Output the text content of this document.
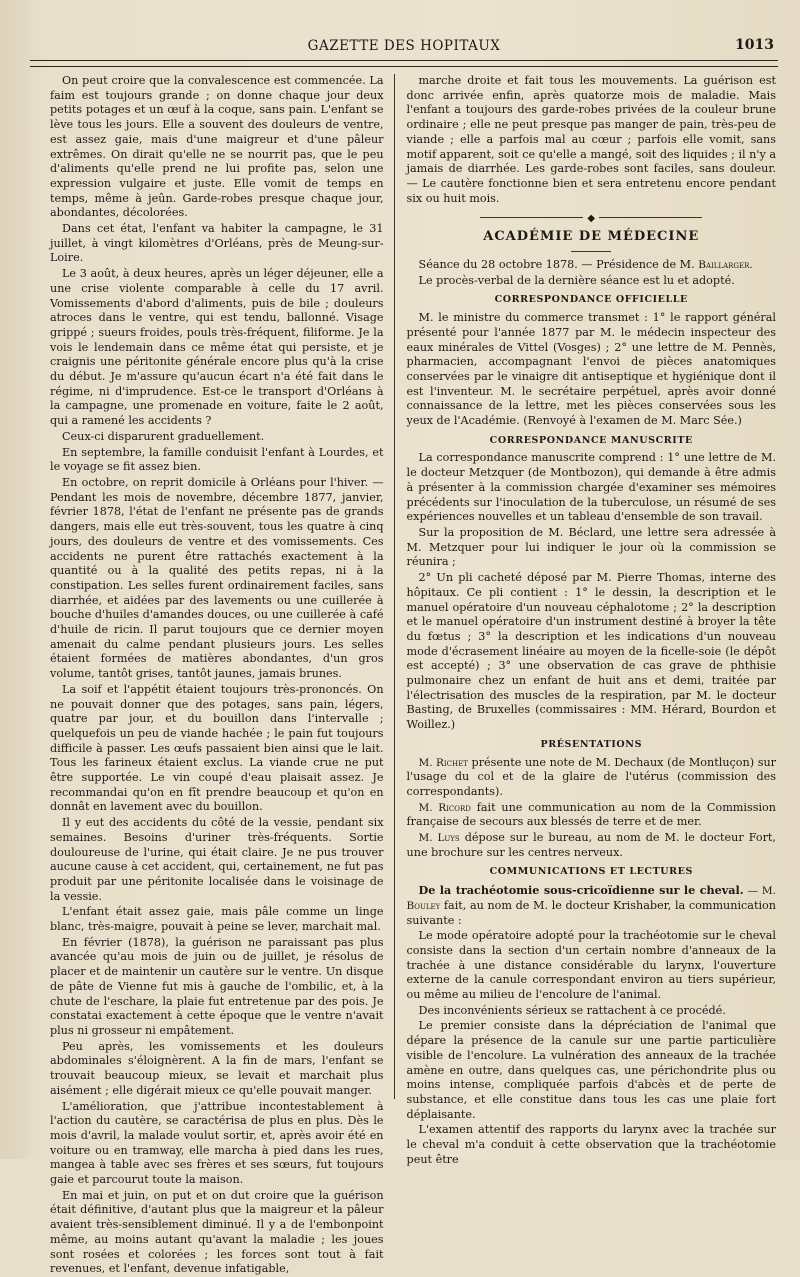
GAZETTE DES HOPITAUX	1013

On peut croire que la convalescence est commencée. La faim est toujours grande ; on donne chaque jour deux petits potages et un œuf à la coque, sans pain. L'enfant se lève tous les jours. Elle a souvent des douleurs de ventre, est assez gaie, mais d'une maigreur et d'une pâleur extrêmes. On dirait qu'elle ne se nourrit pas, que le peu d'aliments qu'elle prend ne lui profite pas, selon une expression vulgaire et juste. Elle vomit de temps en temps, même à jeûn. Garde-robes presque chaque jour, abondantes, décolorées.

Dans cet état, l'enfant va habiter la campagne, le 31 juillet, à vingt kilomètres d'Orléans, près de Meung-sur-Loire.

Le 3 août, à deux heures, après un léger déjeuner, elle a une crise violente comparable à celle du 17 avril. Vomissements d'abord d'aliments, puis de bile ; douleurs atroces dans le ventre, qui est tendu, ballonné. Visage grippé ; sueurs froides, pouls très-fréquent, filiforme. Je la vois le lendemain dans ce même état qui persiste, et je craignis une péritonite générale encore plus qu'à la crise du début. Je m'assure qu'aucun écart n'a été fait dans le régime, ni d'imprudence. Est-ce le transport d'Orléans à la campagne, une promenade en voiture, faite le 2 août, qui a ramené les accidents ?

Ceux-ci disparurent graduellement.

En septembre, la famille conduisit l'enfant à Lourdes, et le voyage se fit assez bien.

En octobre, on reprit domicile à Orléans pour l'hiver. — Pendant les mois de novembre, décembre 1877, janvier, février 1878, l'état de l'enfant ne présente pas de grands dangers, mais elle eut très-souvent, tous les quatre à cinq jours, des douleurs de ventre et des vomissements. Ces accidents ne purent être rattachés exactement à la quantité ou à la qualité des petits repas, ni à la constipation. Les selles furent ordinairement faciles, sans diarrhée, et aidées par des lavements ou une cuillerée à bouche d'huiles d'amandes douces, ou une cuillerée à café d'huile de ricin. Il parut toujours que ce dernier moyen amenait du calme pendant plusieurs jours. Les selles étaient formées de matières abondantes, d'un gros volume, tantôt grises, tantôt jaunes, jamais brunes.

La soif et l'appétit étaient toujours très-prononcés. On ne pouvait donner que des potages, sans pain, légers, quatre par jour, et du bouillon dans l'intervalle ; quelquefois un peu de viande hachée ; le pain fut toujours difficile à passer. Les œufs passaient bien ainsi que le lait. Tous les farineux étaient exclus. La viande crue ne put être supportée. Le vin coupé d'eau plaisait assez. Je recommandai qu'on en fît prendre beaucoup et qu'on en donnât en lavement avec du bouillon.

Il y eut des accidents du côté de la vessie, pendant six semaines. Besoins d'uriner très-fréquents. Sortie douloureuse de l'urine, qui était claire. Je ne pus trouver aucune cause à cet accident, qui, certainement, ne fut pas produit par une péritonite localisée dans le voisinage de la vessie.

L'enfant était assez gaie, mais pâle comme un linge blanc, très-maigre, pouvait à peine se lever, marchait mal.

En février (1878), la guérison ne paraissant pas plus avancée qu'au mois de juin ou de juillet, je résolus de placer et de maintenir un cautère sur le ventre. Un disque de pâte de Vienne fut mis à gauche de l'ombilic, et, à la chute de l'eschare, la plaie fut entretenue par des pois. Je constatai exactement à cette époque que le ventre n'avait plus ni grosseur ni empâtement.

Peu après, les vomissements et les douleurs abdominales s'éloignèrent. A la fin de mars, l'enfant se trouvait beaucoup mieux, se levait et marchait plus aisément ; elle digérait mieux ce qu'elle pouvait manger.

L'amélioration, que j'attribue incontestablement à l'action du cautère, se caractérisa de plus en plus. Dès le mois d'avril, la malade voulut sortir, et, après avoir été en voiture ou en tramway, elle marcha à pied dans les rues, mangea à table avec ses frères et ses sœurs, fut toujours gaie et parcourut toute la maison.

En mai et juin, on put et on dut croire que la guérison était définitive, d'autant plus que la maigreur et la pâleur avaient très-sensiblement diminué. Il y a de l'embonpoint même, au moins autant qu'avant la maladie ; les joues sont rosées et colorées ; les forces sont tout à fait revenues, et l'enfant, devenue infatigable,

marche droite et fait tous les mouvements. La guérison est donc arrivée enfin, après quatorze mois de maladie. Mais l'enfant a toujours des garde-robes privées de la couleur brune ordinaire ; elle ne peut presque pas manger de pain, très-peu de viande ; elle a parfois mal au cœur ; parfois elle vomit, sans motif apparent, soit ce qu'elle a mangé, soit des liquides ; il n'y a jamais de diarrhée. Les garde-robes sont faciles, sans douleur. — Le cautère fonctionne bien et sera entretenu encore pendant six ou huit mois.

◆
ACADÉMIE DE MÉDECINE

Séance du 28 octobre 1878. — Présidence de M. Baillarger.

Le procès-verbal de la dernière séance est lu et adopté.

CORRESPONDANCE OFFICIELLE

M. le ministre du commerce transmet : 1° le rapport général présenté pour l'année 1877 par M. le médecin inspecteur des eaux minérales de Vittel (Vosges) ; 2° une lettre de M. Pennès, pharmacien, accompagnant l'envoi de pièces anatomiques conservées par le vinaigre dit antiseptique et hygiénique dont il est l'inventeur. M. le secrétaire perpétuel, après avoir donné connaissance de la lettre, met les pièces conservées sous les yeux de l'Académie. (Renvoyé à l'examen de M. Marc Sée.)

CORRESPONDANCE MANUSCRITE

La correspondance manuscrite comprend : 1° une lettre de M. le docteur Metzquer (de Montbozon), qui demande à être admis à présenter à la commission chargée d'examiner ses mémoires précédents sur l'inoculation de la tuberculose, un résumé de ses expériences nouvelles et un tableau d'ensemble de son travail.

Sur la proposition de M. Béclard, une lettre sera adressée à M. Metzquer pour lui indiquer le jour où la commission se réunira ;

2° Un pli cacheté déposé par M. Pierre Thomas, interne des hôpitaux. Ce pli contient : 1° le dessin, la description et le manuel opératoire d'un nouveau céphalotome ; 2° la description et le manuel opératoire d'un instrument destiné à broyer la tête du fœtus ; 3° la description et les indications d'un nouveau mode d'écrasement linéaire au moyen de la ficelle-soie (le dépôt est accepté) ; 3° une observation de cas grave de phthisie pulmonaire chez un enfant de huit ans et demi, traitée par l'électrisation des muscles de la respiration, par M. le docteur Basting, de Bruxelles (commissaires : MM. Hérard, Bourdon et Woillez.)

PRÉSENTATIONS

M. Richet présente une note de M. Dechaux (de Montluçon) sur l'usage du col et de la glaire de l'utérus (commission des correspondants).

M. Ricord fait une communication au nom de la Commission française de secours aux blessés de terre et de mer.

M. Luys dépose sur le bureau, au nom de M. le docteur Fort, une brochure sur les centres nerveux.

COMMUNICATIONS ET LECTURES

De la trachéotomie sous-cricoïdienne sur le cheval. — M. Bouley fait, au nom de M. le docteur Krishaber, la communication suivante :

Le mode opératoire adopté pour la trachéotomie sur le cheval consiste dans la section d'un certain nombre d'anneaux de la trachée à une distance considérable du larynx, l'ouverture externe de la canule correspondant environ au tiers supérieur, ou même au milieu de l'encolure de l'animal.

Des inconvénients sérieux se rattachent à ce procédé.

Le premier consiste dans la dépréciation de l'animal que dépare la présence de la canule sur une partie particulière visible de l'encolure. La vulnération des anneaux de la trachée amène en outre, dans quelques cas, une périchondrite plus ou moins intense, compliquée parfois d'abcès et de perte de substance, et elle constitue dans tous les cas une plaie fort déplaisante.

L'examen attentif des rapports du larynx avec la trachée sur le cheval m'a conduit à cette observation que la trachéotomie peut être
